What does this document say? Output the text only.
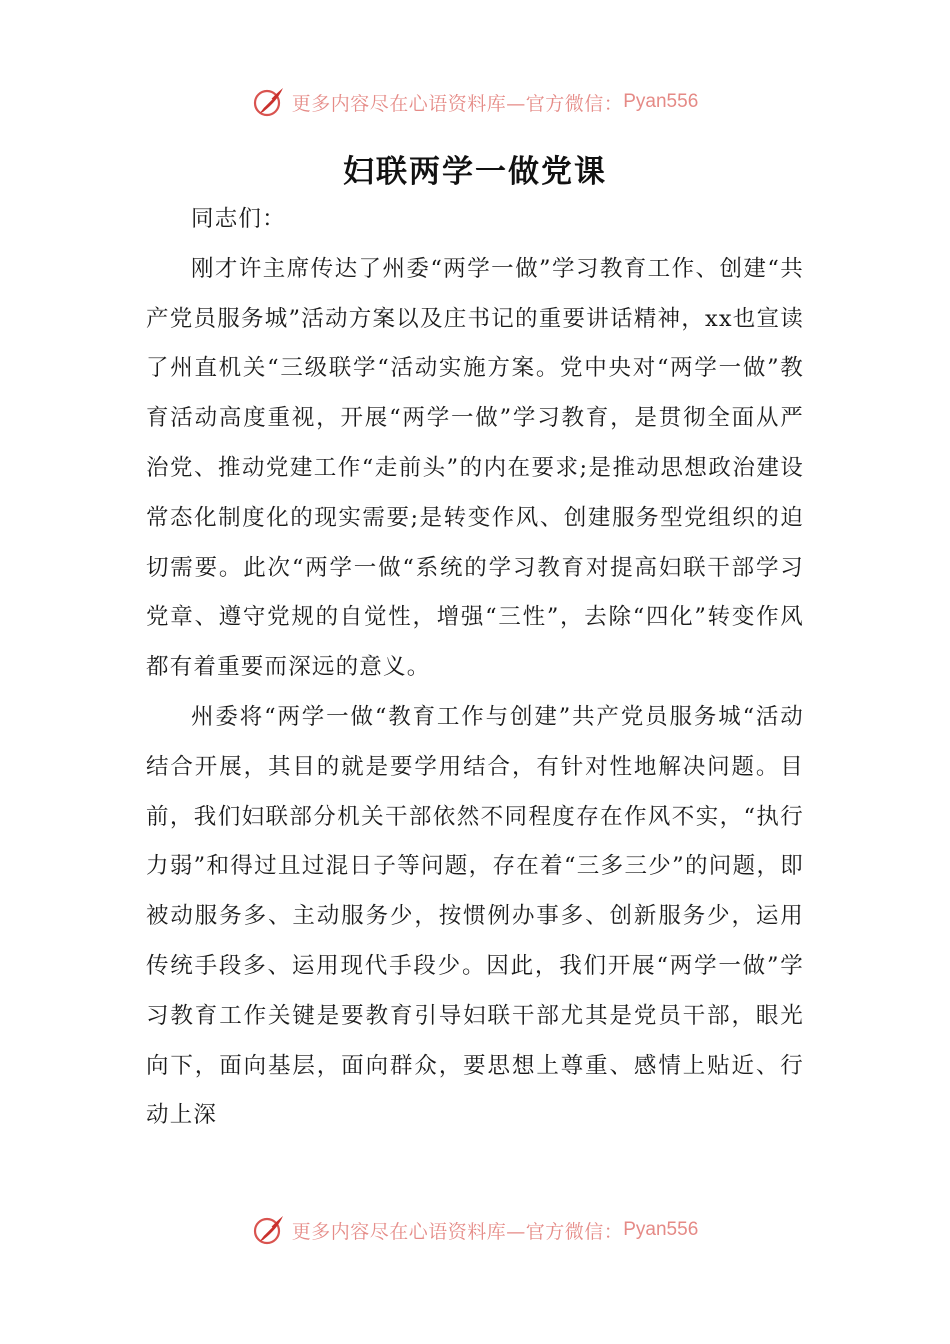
更多内容尽在心语资料库—官方微信： Pyan556
妇联两学一做党课

同志们：

刚才许主席传达了州委“两学一做”学习教育工作、创建“共产党员服务城”活动方案以及庄书记的重要讲话精神，xx也宣读了州直机关“三级联学“活动实施方案。党中央对“两学一做”教育活动高度重视，开展“两学一做”学习教育，是贯彻全面从严治党、推动党建工作“走前头”的内在要求;是推动思想政治建设常态化制度化的现实需要;是转变作风、创建服务型党组织的迫切需要。此次“两学一做“系统的学习教育对提高妇联干部学习党章、遵守党规的自觉性，增强“三性”，去除“四化”转变作风都有着重要而深远的意义。

州委将“两学一做“教育工作与创建”共产党员服务城“活动结合开展，其目的就是要学用结合，有针对性地解决问题。目前，我们妇联部分机关干部依然不同程度存在作风不实，“执行力弱”和得过且过混日子等问题，存在着“三多三少”的问题，即被动服务多、主动服务少，按惯例办事多、创新服务少，运用传统手段多、运用现代手段少。因此，我们开展“两学一做”学习教育工作关键是要教育引导妇联干部尤其是党员干部，眼光向下，面向基层，面向群众，要思想上尊重、感情上贴近、行动上深

更多内容尽在心语资料库—官方微信： Pyan556
